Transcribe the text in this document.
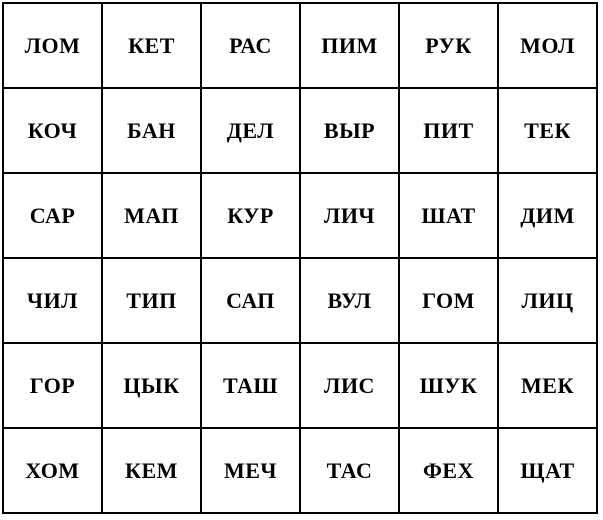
ЛОМ	КЕТ	РАС	ПИМ	РУК	МОЛ
КОЧ	БАН	ДЕЛ	ВЫР	ПИТ	ТЕК
САР	МАП	КУР	ЛИЧ	ШАТ	ДИМ
ЧИЛ	ТИП	САП	ВУЛ	ГОМ	ЛИЦ
ГОР	ЦЫК	ТАШ	ЛИС	ШУК	МЕК
ХОМ	КЕМ	МЕЧ	ТАС	ФЕХ	ЩАТ
